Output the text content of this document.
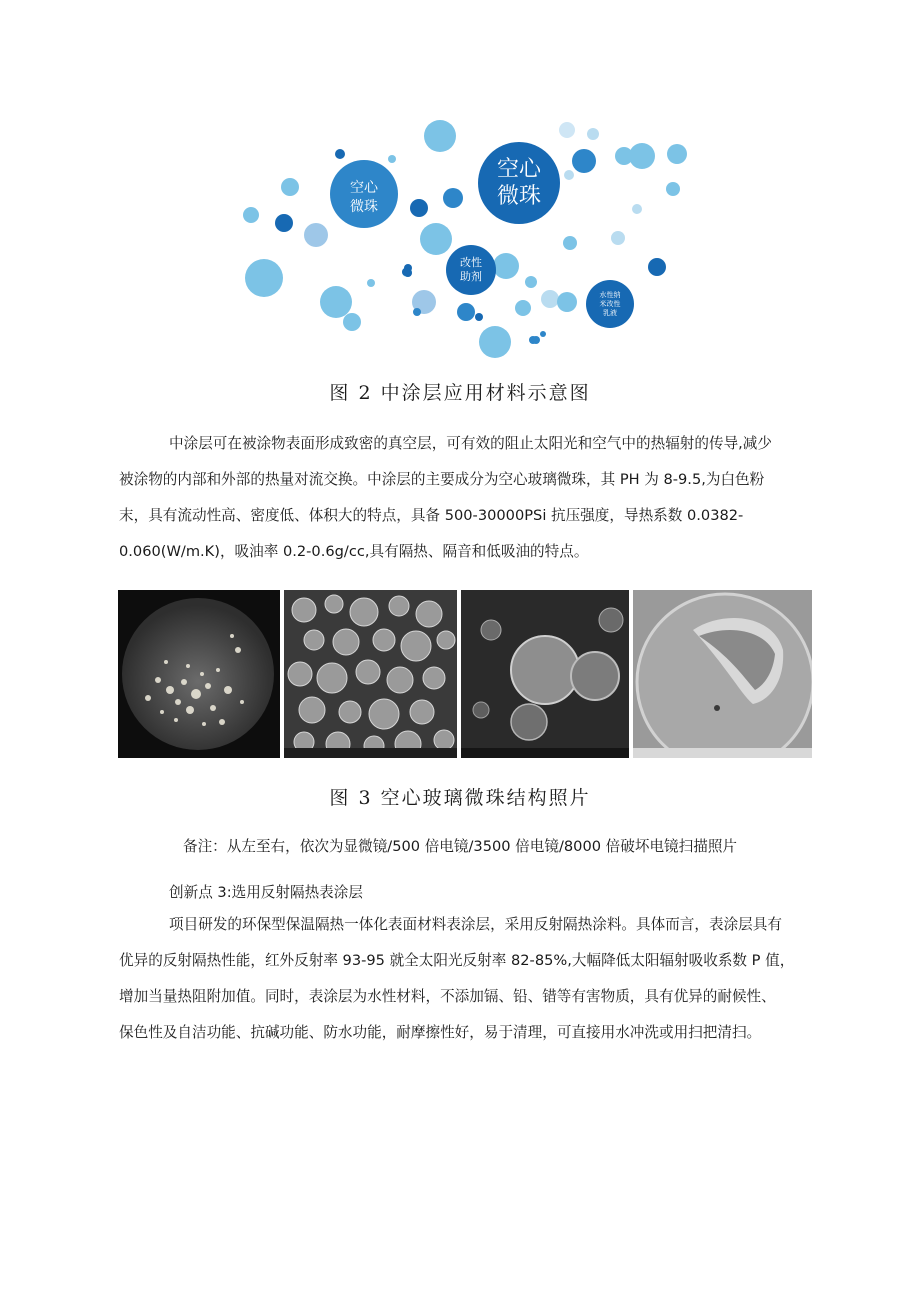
空心
微珠
空心
微珠
改性
助剂
水性纳
米改性
乳液
图 2 中涂层应用材料示意图

中涂层可在被涂物表面形成致密的真空层，可有效的阻止太阳光和空气中的热辐射的传导,减少

被涂物的内部和外部的热量对流交换。中涂层的主要成分为空心玻璃微珠，其 PH 为 8-9.5,为白色粉

末，具有流动性高、密度低、体积大的特点，具备 500-30000PSi 抗压强度，导热系数 0.0382-

0.060(W/m.K)，吸油率 0.2-0.6g/cc,具有隔热、隔音和低吸油的特点。

图 3 空心玻璃微珠结构照片
备注：从左至右，依次为显微镜/500 倍电镜/3500 倍电镜/8000 倍破坏电镜扫描照片
创新点 3:选用反射隔热表涂层

项目研发的环保型保温隔热一体化表面材料表涂层，采用反射隔热涂料。具体而言，表涂层具有

优异的反射隔热性能，红外反射率 93-95 就全太阳光反射率 82-85%,大幅降低太阳辐射吸收系数 P 值，

增加当量热阻附加值。同时，表涂层为水性材料，不添加镉、铅、错等有害物质，具有优异的耐候性、

保色性及自洁功能、抗碱功能、防水功能，耐摩擦性好，易于清理，可直接用水冲洗或用扫把清扫。
